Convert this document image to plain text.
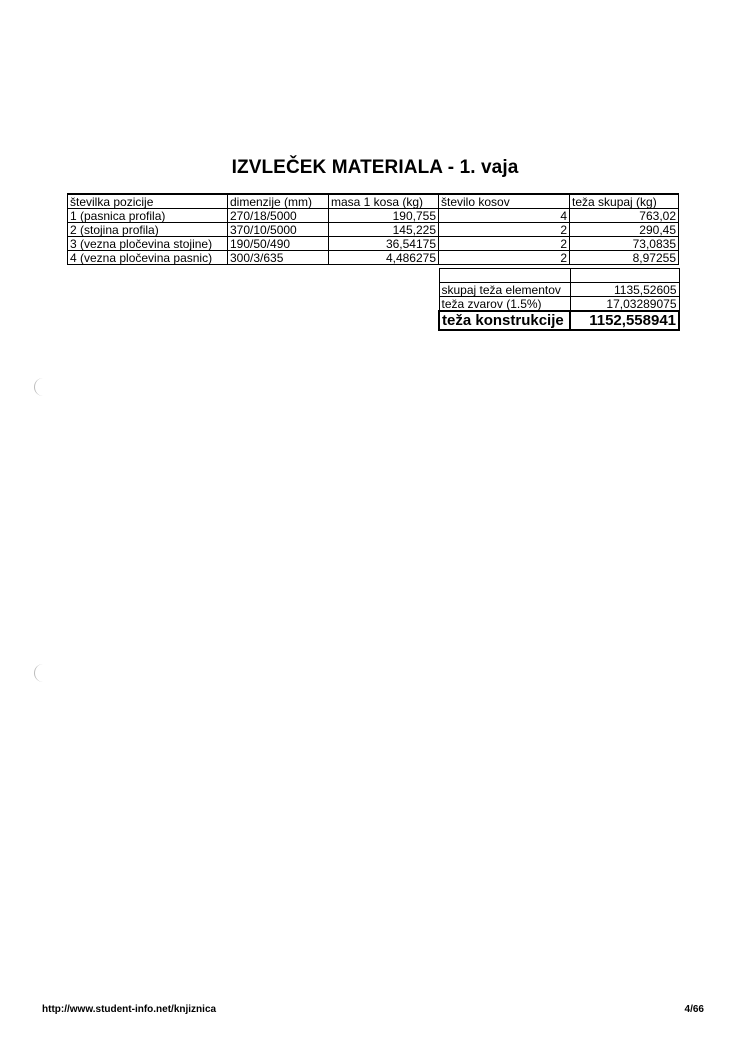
IZVLEČEK MATERIALA - 1. vaja
številka pozicije	dimenzije (mm)	masa 1 kosa (kg)	število kosov	teža skupaj (kg)
1 (pasnica profila)	270/18/5000	190,755	4	763,02
2 (stojina profila)	370/10/5000	145,225	2	290,45
3 (vezna pločevina stojine)	190/50/490	36,54175	2	73,0835
4 (vezna pločevina pasnic)	300/3/635	4,486275	2	8,97255

skupaj teža elementov	1135,52605
teža zvarov (1.5%)	17,03289075
teža konstrukcije	1152,558941
http://www.student-info.net/knjiznica	4/66
